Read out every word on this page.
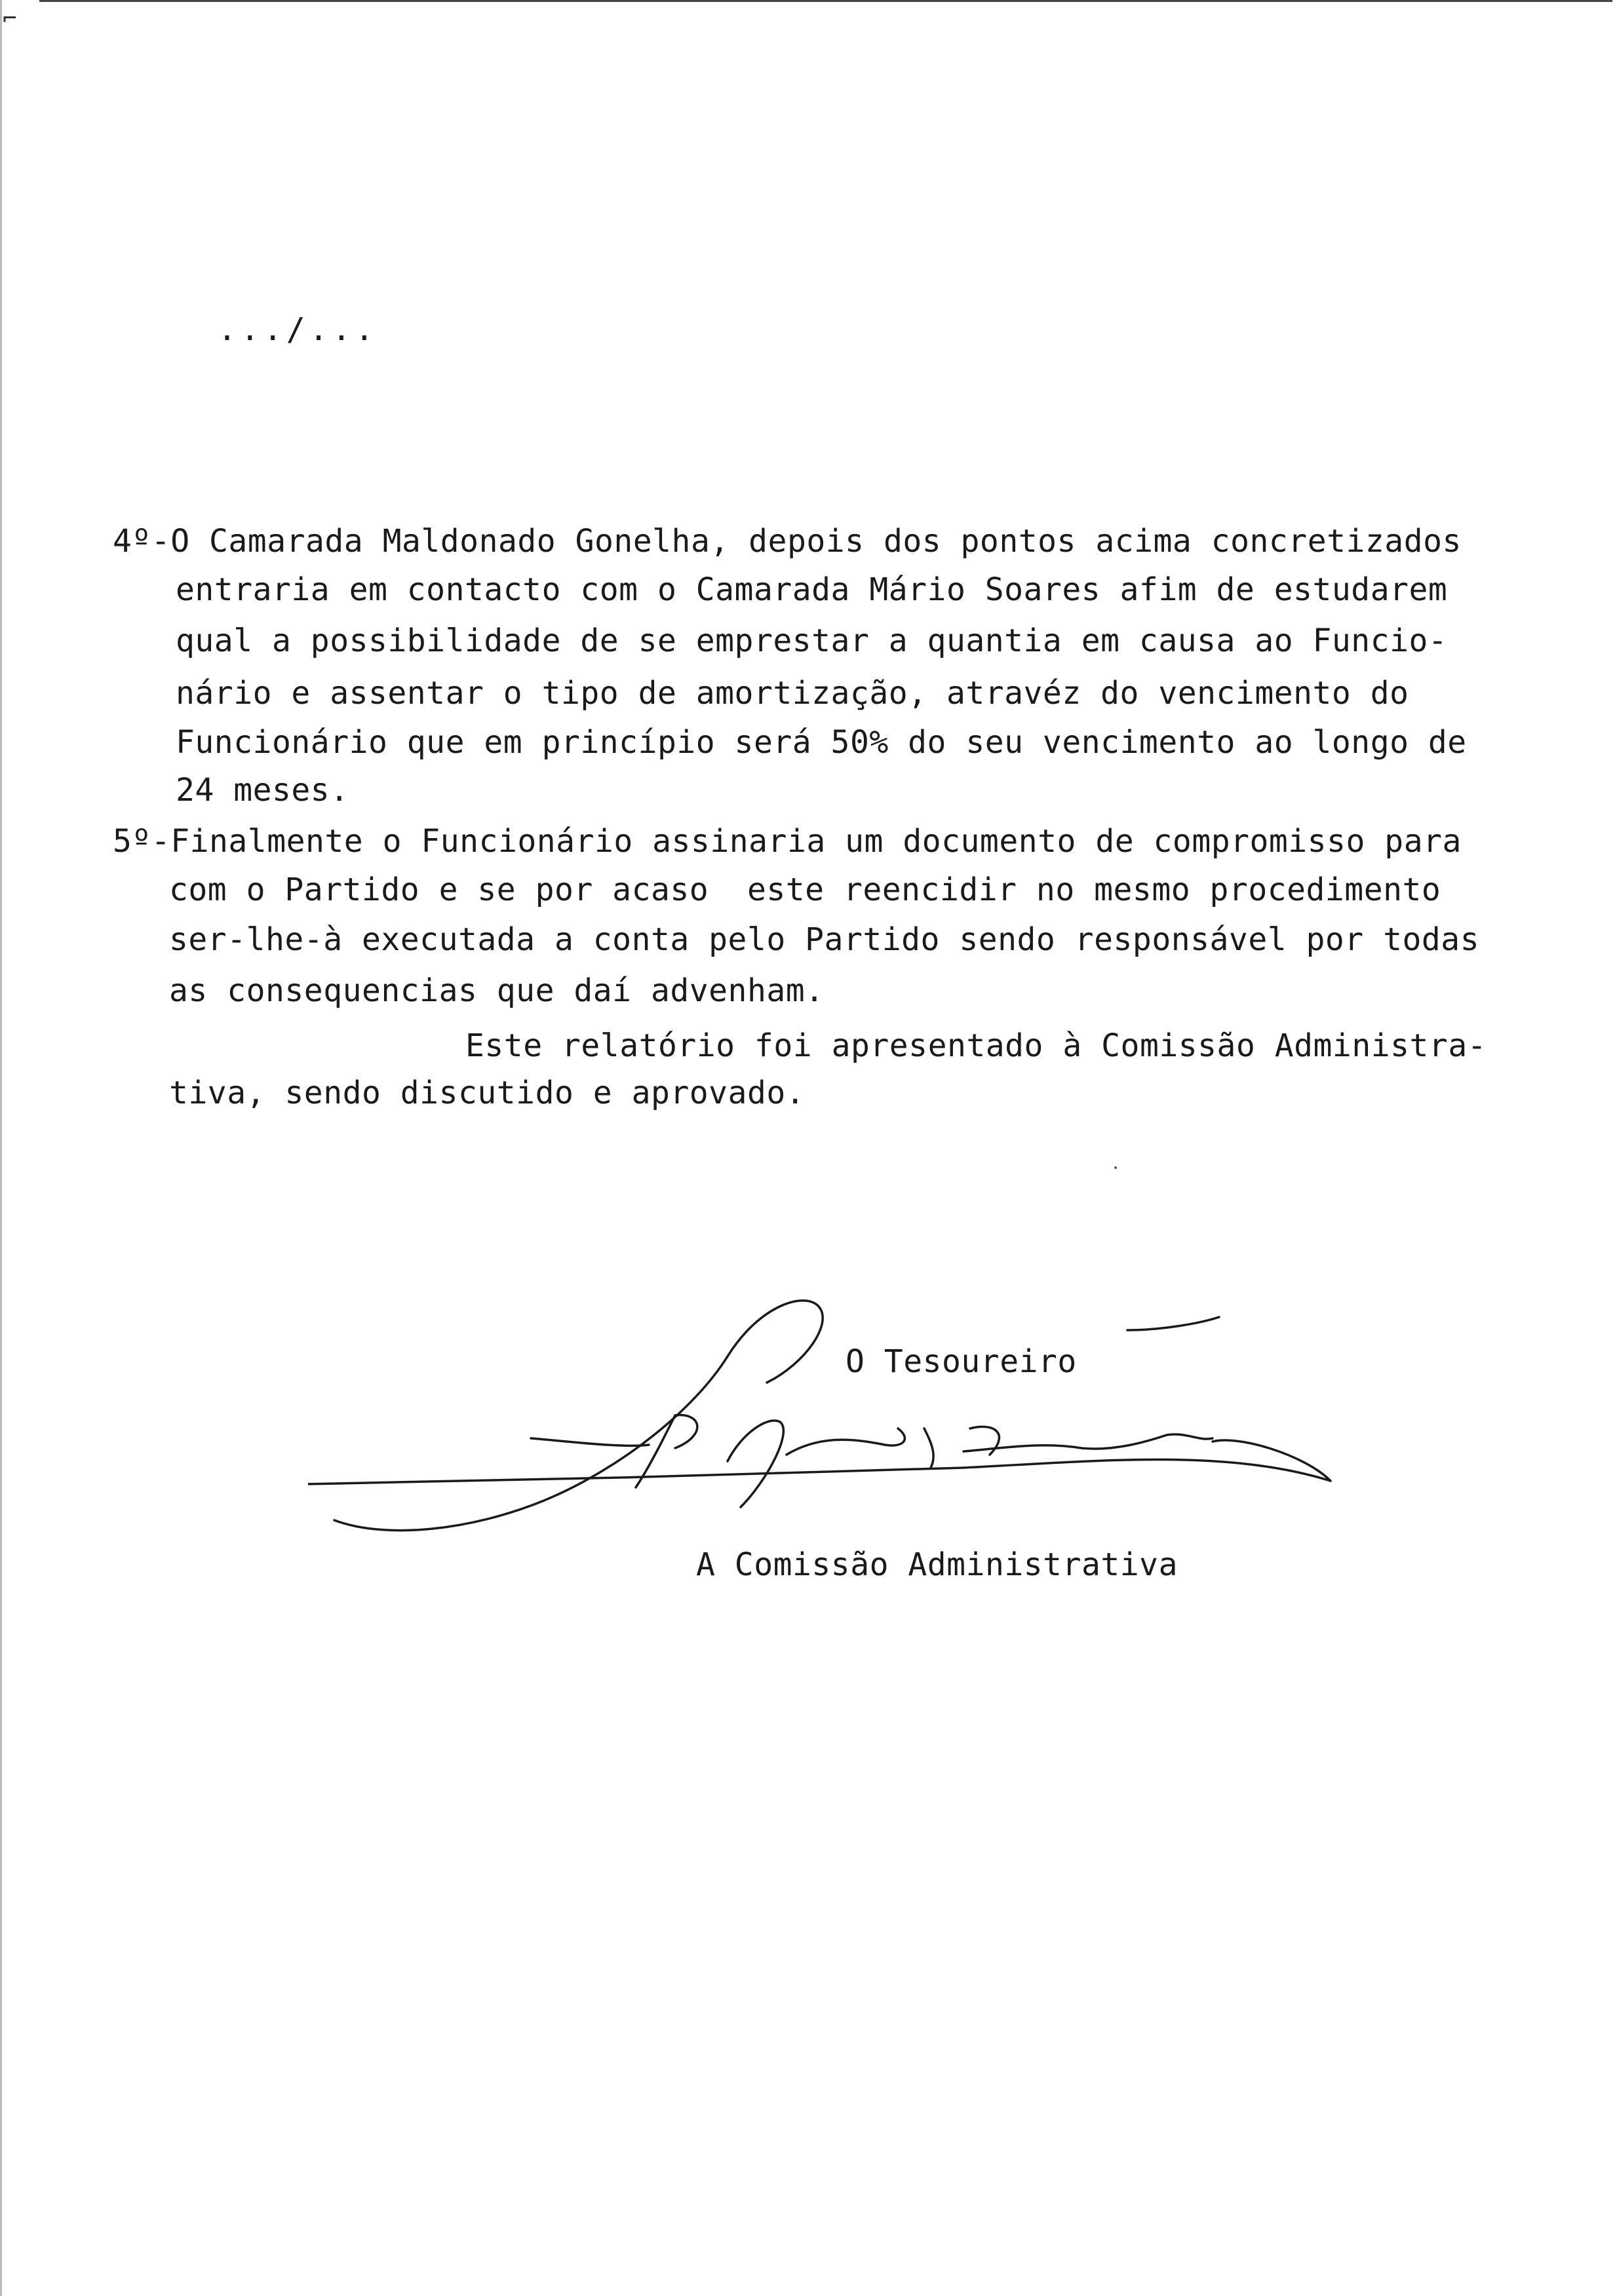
⌐
.../...
4º-O Camarada Maldonado Gonelha, depois dos pontos acima concretizados
entraria em contacto com o Camarada Mário Soares afim de estudarem
qual a possibilidade de se emprestar a quantia em causa ao Funcio-
nário e assentar o tipo de amortização, atravéz do vencimento do
Funcionário que em princípio será 50% do seu vencimento ao longo de
24 meses.
5º-Finalmente o Funcionário assinaria um documento de compromisso para
com o Partido e se por acaso  este reencidir no mesmo procedimento
ser-lhe-à executada a conta pelo Partido sendo responsável por todas
as consequencias que daí advenham.
Este relatório foi apresentado à Comissão Administra-
tiva, sendo discutido e aprovado.
O Tesoureiro
A Comissão Administrativa
